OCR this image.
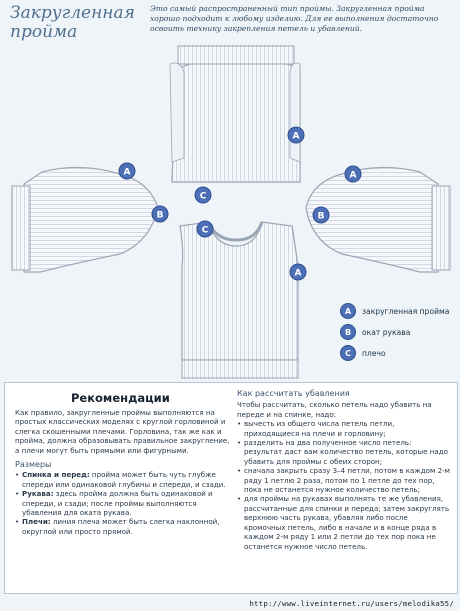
Закругленная
пройма
Это самый распространенный тип проймы. Закругленная пройма хорошо подходит к любому изделию. Для ее выполнения достаточно освоить технику закрепления петель и убавлений.
A
C
A
B
A
B
C
A
A	закругленная пройма
B	окат рукава
C	плечо
Рекомендации

Как правило, закругленные проймы выполняются на простых классических моделях с круглой горловиной и слегка скошенными плечами. Горловина, так же как и пройма, должна образовывать правильное закругление, а плечи могут быть прямыми или фигурными.

Размеры

• Спинка и перед: пройма может быть чуть глубже спереди или одинаковой глубины и спереди, и сзади.
• Рукава: здесь пройма должна быть одинаковой и спереди, и сзади; после проймы выполняются убавления для оката рукава.
• Плечи: линия плеча может быть слегка наклонной, округлой или просто прямой.

Как рассчитать убавления

Чтобы рассчитать, сколько петель надо убавить на переде и на спинке, надо:

• вычесть из общего числа петель петли, приходящиеся на плечи и горловину;
• разделить на два полученное число петель: результат даст вам количество петель, которые надо убавить для проймы с обеих сторон;
• сначала закрыть сразу 3–4 петли, потом в каждом 2-м ряду 1 петлю 2 раза, потом по 1 петле до тех пор, пока не останется нужное количество петель;
• для проймы на рукавах выполнять те же убавления, рассчитанные для спинки и переда; затем закруглять верхнюю часть рукава, убавляя либо после кромочных петель, либо в начале и в конце ряда в каждом 2-м ряду 1 или 2 петли до тех пор пока не останется нужное число петель.
http://www.liveinternet.ru/users/melodika55/
